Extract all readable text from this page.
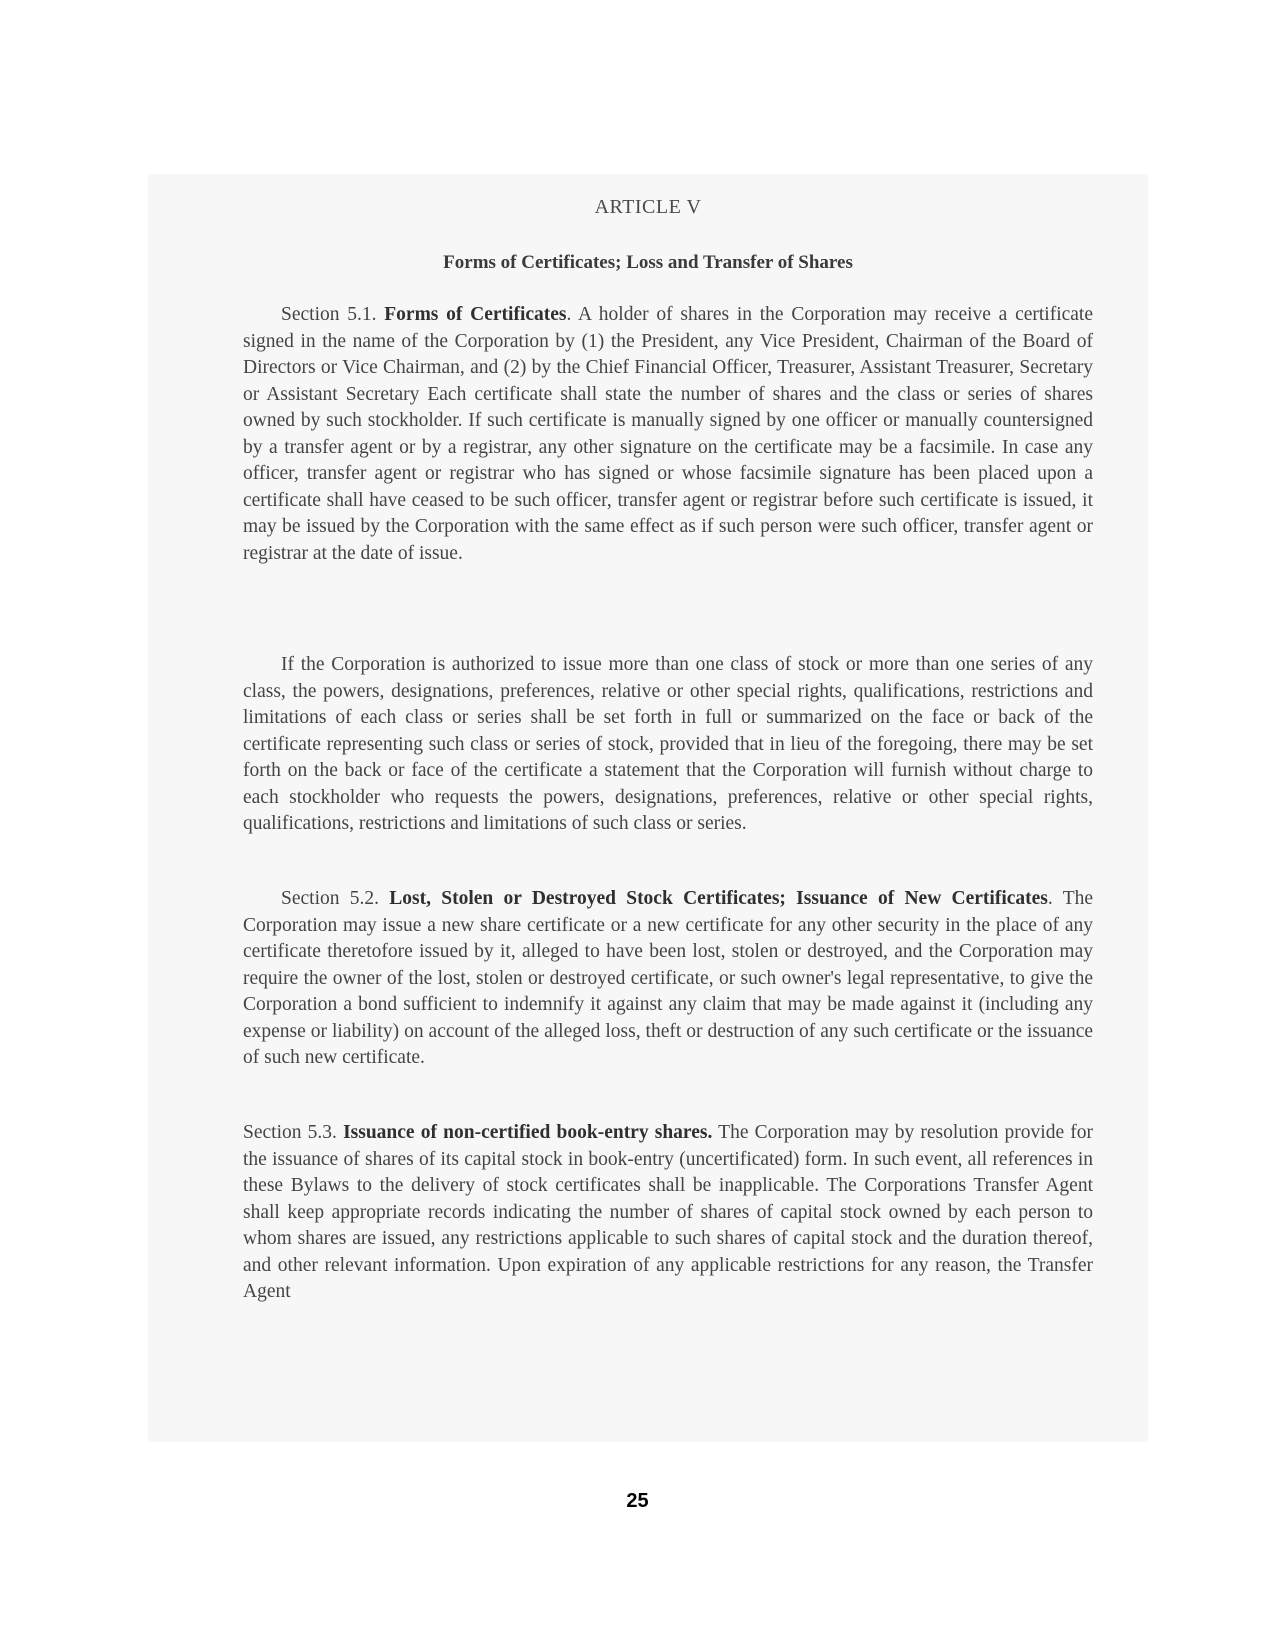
ARTICLE V
Forms of Certificates; Loss and Transfer of Shares

Section 5.1. Forms of Certificates. A holder of shares in the Corporation may receive a certificate signed in the name of the Corporation by (1) the President, any Vice President, Chairman of the Board of Directors or Vice Chairman, and (2) by the Chief Financial Officer, Treasurer, Assistant Treasurer, Secretary or Assistant Secretary Each certificate shall state the number of shares and the class or series of shares owned by such stockholder. If such certificate is manually signed by one officer or manually countersigned by a transfer agent or by a registrar, any other signature on the certificate may be a facsimile. In case any officer, transfer agent or registrar who has signed or whose facsimile signature has been placed upon a certificate shall have ceased to be such officer, transfer agent or registrar before such certificate is issued, it may be issued by the Corporation with the same effect as if such person were such officer, transfer agent or registrar at the date of issue.

If the Corporation is authorized to issue more than one class of stock or more than one series of any class, the powers, designations, preferences, relative or other special rights, qualifications, restrictions and limitations of each class or series shall be set forth in full or summarized on the face or back of the certificate representing such class or series of stock, provided that in lieu of the foregoing, there may be set forth on the back or face of the certificate a statement that the Corporation will furnish without charge to each stockholder who requests the powers, designations, preferences, relative or other special rights, qualifications, restrictions and limitations of such class or series.

Section 5.2. Lost, Stolen or Destroyed Stock Certificates; Issuance of New Certificates. The Corporation may issue a new share certificate or a new certificate for any other security in the place of any certificate theretofore issued by it, alleged to have been lost, stolen or destroyed, and the Corporation may require the owner of the lost, stolen or destroyed certificate, or such owner's legal representative, to give the Corporation a bond sufficient to indemnify it against any claim that may be made against it (including any expense or liability) on account of the alleged loss, theft or destruction of any such certificate or the issuance of such new certificate.

Section 5.3. Issuance of non-certified book-entry shares. The Corporation may by resolution provide for the issuance of shares of its capital stock in book-entry (uncertificated) form. In such event, all references in these Bylaws to the delivery of stock certificates shall be inapplicable. The Corporations Transfer Agent shall keep appropriate records indicating the number of shares of capital stock owned by each person to whom shares are issued, any restrictions applicable to such shares of capital stock and the duration thereof, and other relevant information. Upon expiration of any applicable restrictions for any reason, the Transfer Agent

25
